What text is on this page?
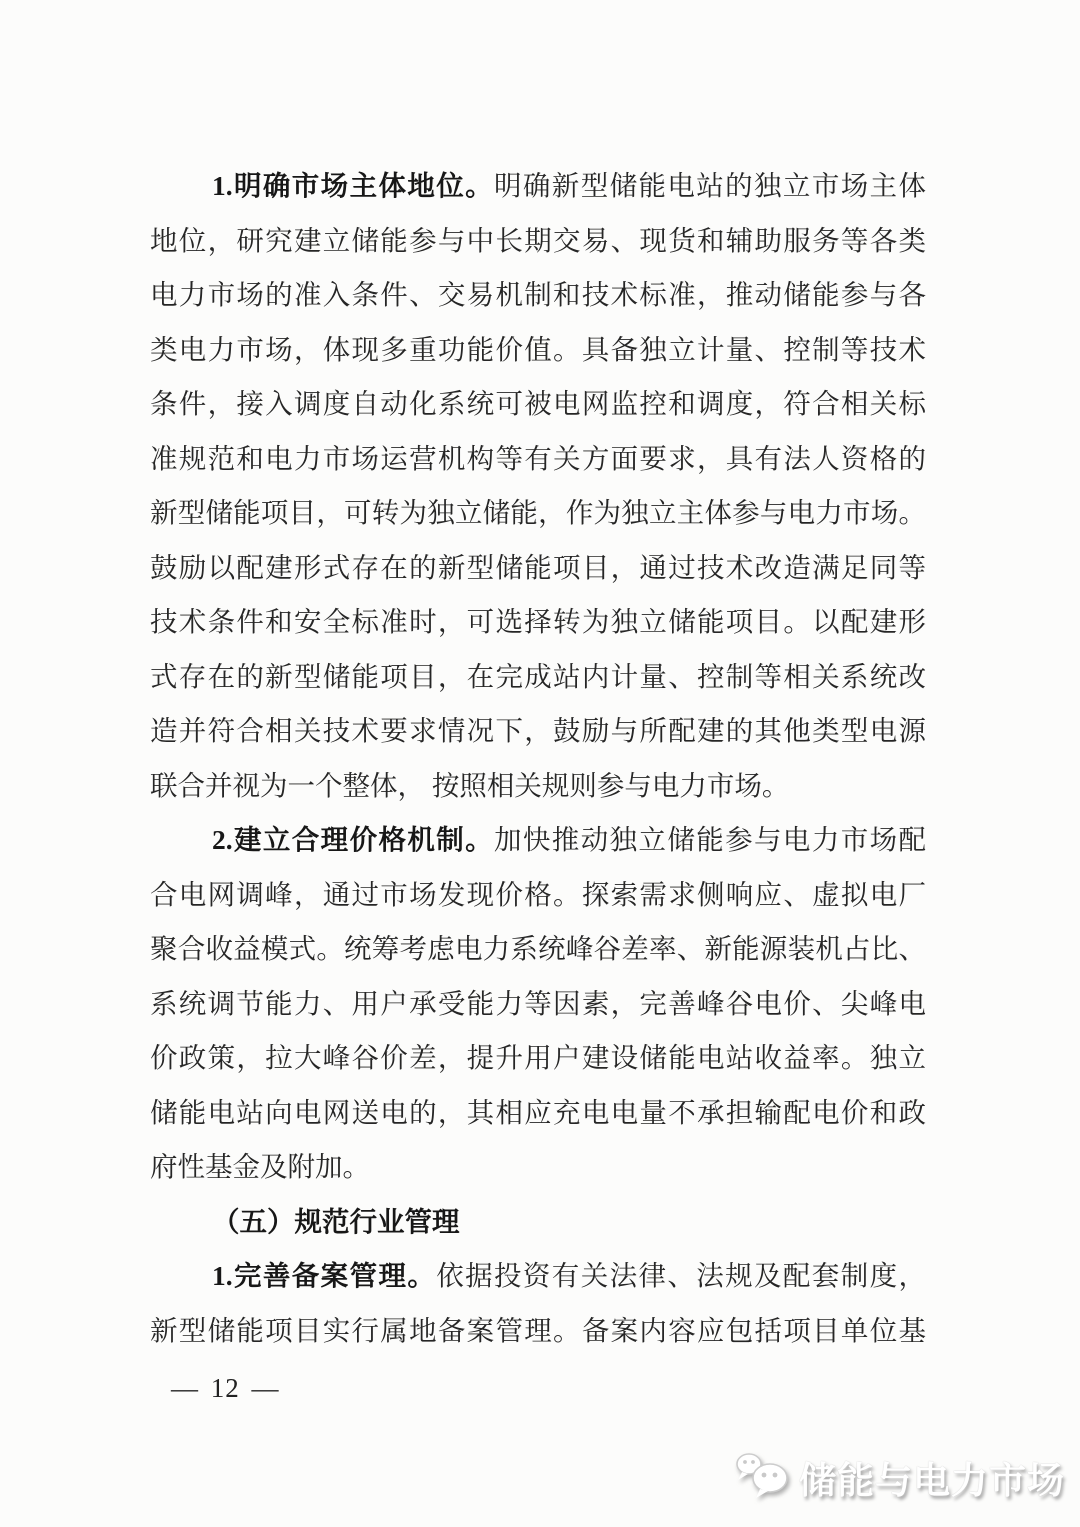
1.明确市场主体地位。明确新型储能电站的独立市场主体
地位，研究建立储能参与中长期交易、现货和辅助服务等各类
电力市场的准入条件、交易机制和技术标准，推动储能参与各
类电力市场，体现多重功能价值。具备独立计量、控制等技术
条件，接入调度自动化系统可被电网监控和调度，符合相关标
准规范和电力市场运营机构等有关方面要求，具有法人资格的
新型储能项目，可转为独立储能，作为独立主体参与电力市场。
鼓励以配建形式存在的新型储能项目，通过技术改造满足同等
技术条件和安全标准时，可选择转为独立储能项目。以配建形
式存在的新型储能项目，在完成站内计量、控制等相关系统改
造并符合相关技术要求情况下，鼓励与所配建的其他类型电源
联合并视为一个整体， 按照相关规则参与电力市场。
2.建立合理价格机制。加快推动独立储能参与电力市场配
合电网调峰，通过市场发现价格。探索需求侧响应、虚拟电厂
聚合收益模式。统筹考虑电力系统峰谷差率、新能源装机占比、
系统调节能力、用户承受能力等因素，完善峰谷电价、尖峰电
价政策，拉大峰谷价差，提升用户建设储能电站收益率。独立
储能电站向电网送电的，其相应充电电量不承担输配电价和政
府性基金及附加。
（五）规范行业管理
1.完善备案管理。依据投资有关法律、法规及配套制度，
新型储能项目实行属地备案管理。备案内容应包括项目单位基
— 12 —
储能与电力市场
